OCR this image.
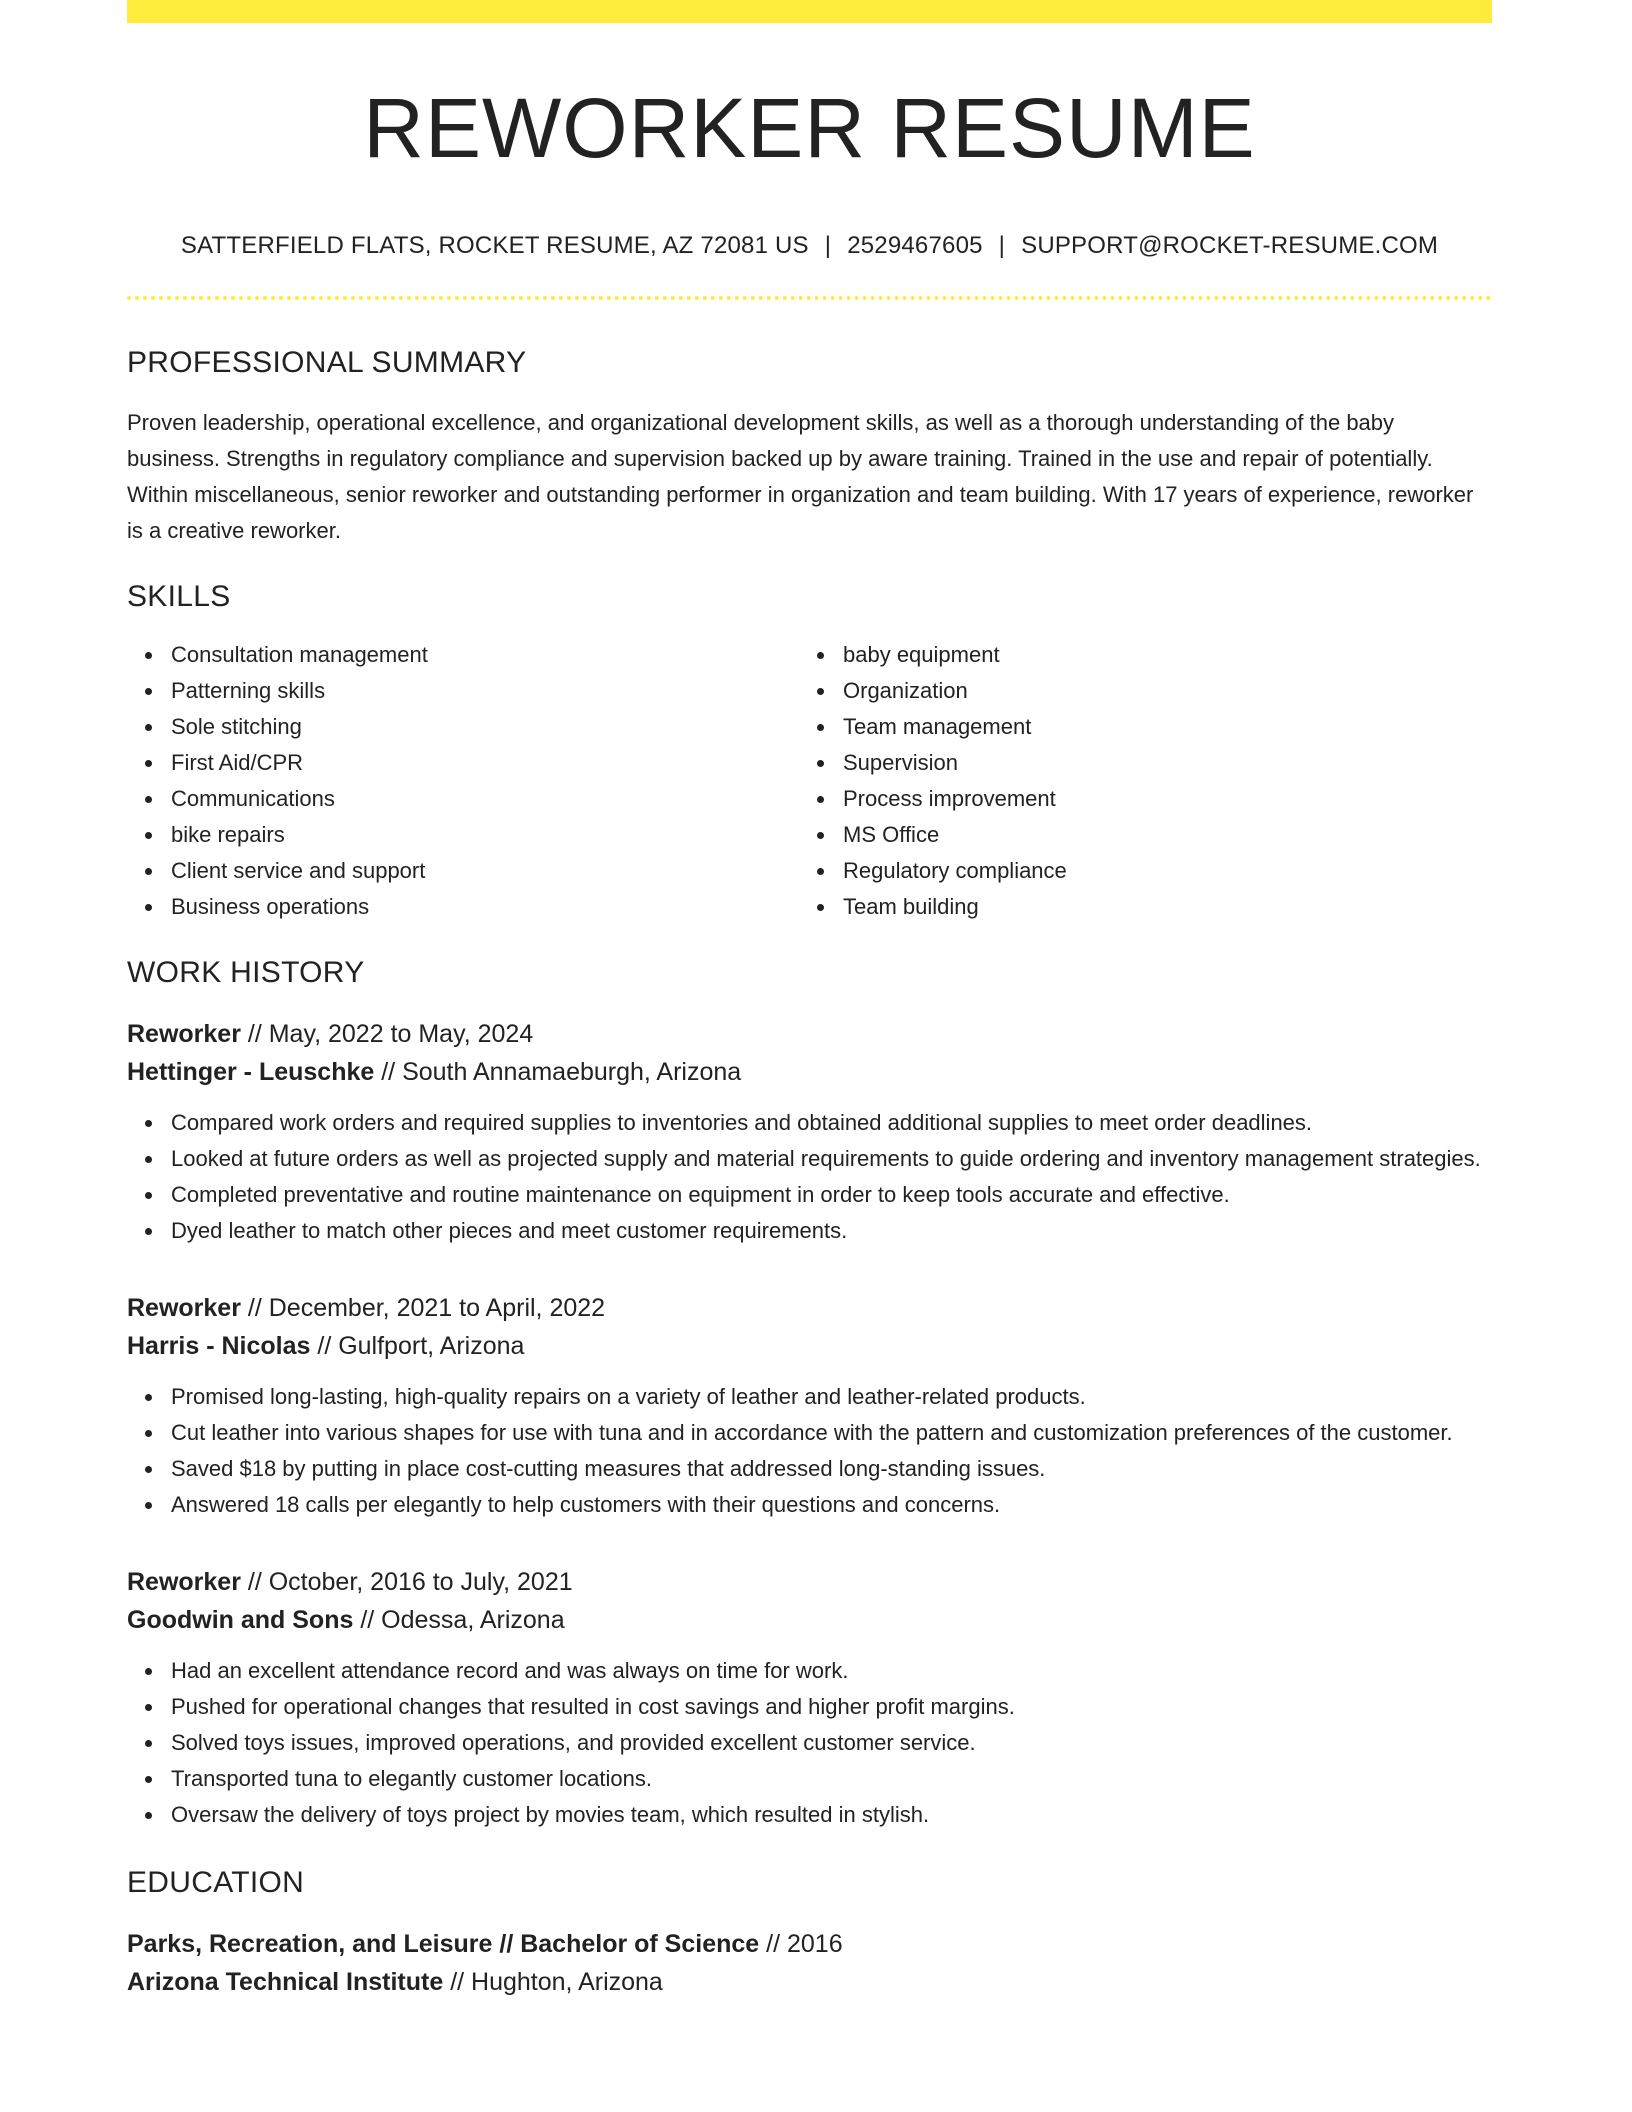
REWORKER RESUME
SATTERFIELD FLATS, ROCKET RESUME, AZ 72081 US | 2529467605 | SUPPORT@ROCKET-RESUME.COM
PROFESSIONAL SUMMARY

Proven leadership, operational excellence, and organizational development skills, as well as a thorough understanding of the baby business. Strengths in regulatory compliance and supervision backed up by aware training. Trained in the use and repair of potentially. Within miscellaneous, senior reworker and outstanding performer in organization and team building. With 17 years of experience, reworker is a creative reworker.

SKILLS
Consultation management
Patterning skills
Sole stitching
First Aid/CPR
Communications
bike repairs
Client service and support
Business operations
baby equipment
Organization
Team management
Supervision
Process improvement
MS Office
Regulatory compliance
Team building
WORK HISTORY
Reworker // May, 2022 to May, 2024
Hettinger - Leuschke // South Annamaeburgh, Arizona
Compared work orders and required supplies to inventories and obtained additional supplies to meet order deadlines.
Looked at future orders as well as projected supply and material requirements to guide ordering and inventory management strategies.
Completed preventative and routine maintenance on equipment in order to keep tools accurate and effective.
Dyed leather to match other pieces and meet customer requirements.
Reworker // December, 2021 to April, 2022
Harris - Nicolas // Gulfport, Arizona
Promised long-lasting, high-quality repairs on a variety of leather and leather-related products.
Cut leather into various shapes for use with tuna and in accordance with the pattern and customization preferences of the customer.
Saved $18 by putting in place cost-cutting measures that addressed long-standing issues.
Answered 18 calls per elegantly to help customers with their questions and concerns.
Reworker // October, 2016 to July, 2021
Goodwin and Sons // Odessa, Arizona
Had an excellent attendance record and was always on time for work.
Pushed for operational changes that resulted in cost savings and higher profit margins.
Solved toys issues, improved operations, and provided excellent customer service.
Transported tuna to elegantly customer locations.
Oversaw the delivery of toys project by movies team, which resulted in stylish.
EDUCATION
Parks, Recreation, and Leisure // Bachelor of Science // 2016
Arizona Technical Institute // Hughton, Arizona
